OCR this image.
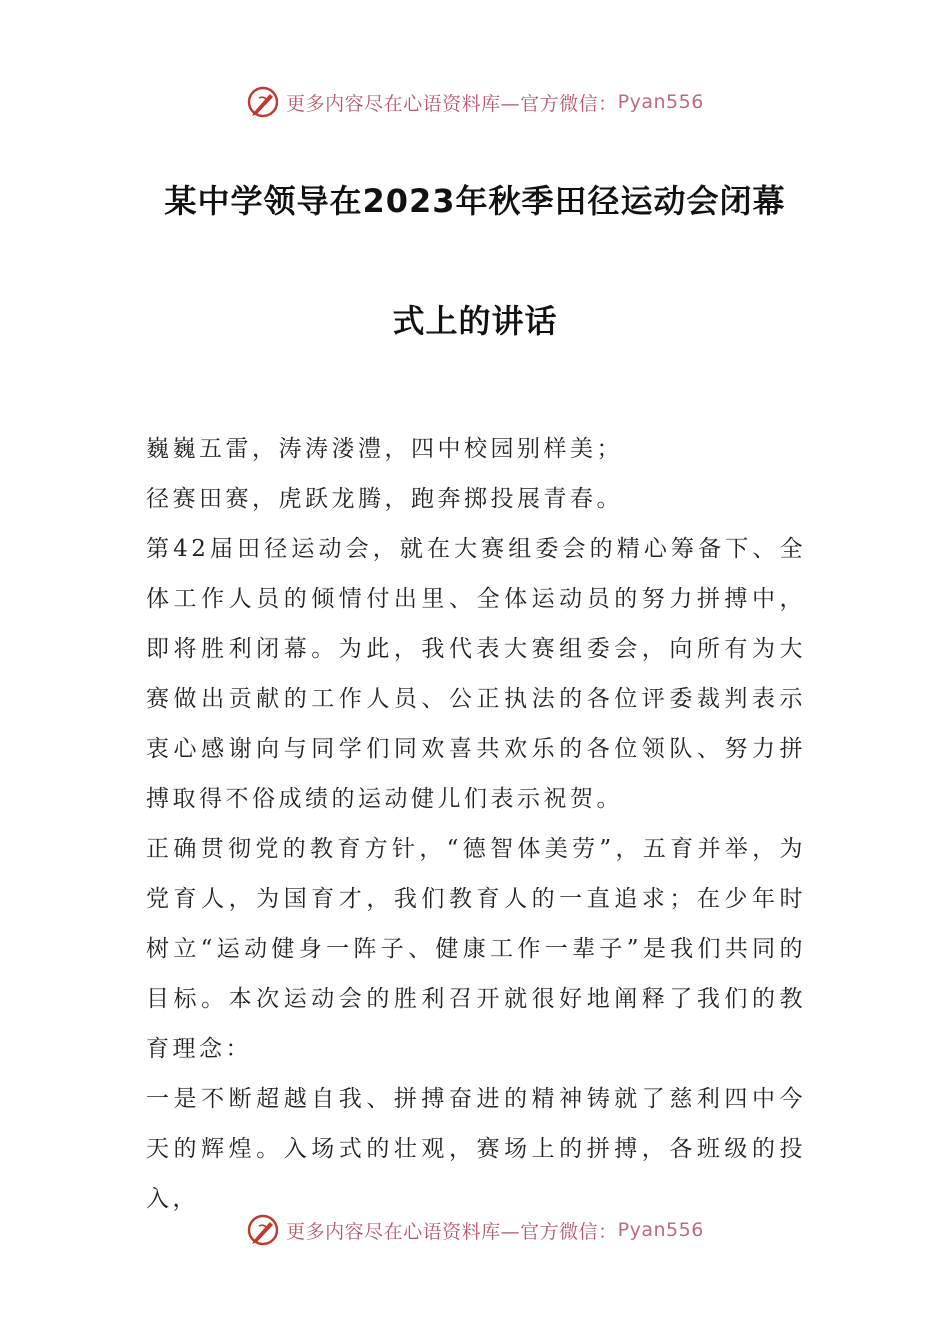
更多内容尽在心语资料库—官方微信： Pyan556
某中学领导在2023年秋季田径运动会闭幕
式上的讲话

巍巍五雷，涛涛溇澧，四中校园别样美；

径赛田赛，虎跃龙腾，跑奔掷投展青春。

第42届田径运动会，就在大赛组委会的精心筹备下、全体工作人员的倾情付出里、全体运动员的努力拼搏中，即将胜利闭幕。为此，我代表大赛组委会，向所有为大赛做出贡献的工作人员、公正执法的各位评委裁判表示衷心感谢向与同学们同欢喜共欢乐的各位领队、努力拼搏取得不俗成绩的运动健儿们表示祝贺。

正确贯彻党的教育方针，“德智体美劳”，五育并举，为党育人，为国育才，我们教育人的一直追求；在少年时树立“运动健身一阵子、健康工作一辈子”是我们共同的目标。本次运动会的胜利召开就很好地阐释了我们的教育理念：

一是不断超越自我、拼搏奋进的精神铸就了慈利四中今天的辉煌。入场式的壮观，赛场上的拼搏，各班级的投入，

更多内容尽在心语资料库—官方微信： Pyan556
